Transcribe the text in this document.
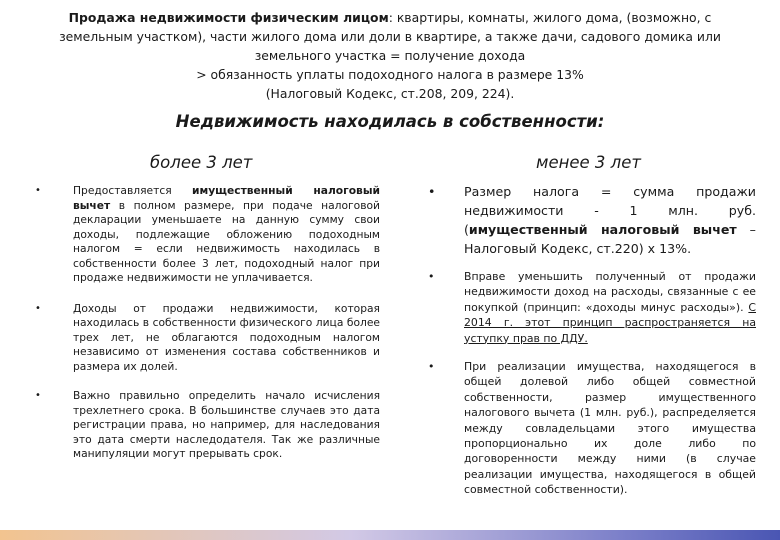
Продажа недвижимости физическим лицом: квартиры, комнаты, жилого дома, (возможно, с
земельным участком), части жилого дома или доли в квартире, а также дачи, садового домика или
земельного участка = получение дохода
> обязанность уплаты подоходного налога в размере 13%
(Налоговый Кодекс, ст.208, 209, 224).
Недвижимость находилась в собственности:
более 3 лет	менее 3 лет
•	Предоставляется имущественный налоговый вычет в полном размере, при подаче налоговой декларации уменьшаете на данную сумму свои доходы, подлежащие обложению подоходным налогом = если недвижимость находилась в собственности более 3 лет, подоходный налог при продаже недвижимости не уплачивается.
•	Доходы от продажи недвижимости, которая находилась в собственности физического лица более трех лет, не облагаются подоходным налогом независимо от изменения состава собственников и размера их долей.
•	Важно правильно определить начало исчисления трехлетнего срока. В большинстве случаев это дата регистрации права, но например, для наследования это дата смерти наследодателя. Так же различные манипуляции могут прерывать срок.
• Размер налога = сумма продажи недвижимости - 1 млн. руб. (имущественный налоговый вычет – Налоговый Кодекс, ст.220) х 13%.
•	Вправе уменьшить полученный от продажи недвижимости доход на расходы, связанные с ее покупкой (принцип: «доходы минус расходы»). С 2014 г. этот принцип распространяется на уступку прав по ДДУ.
•	При реализации имущества, находящегося в общей долевой либо общей совместной собственности, размер имущественного налогового вычета (1 млн. руб.), распределяется между совладельцами этого имущества пропорционально их доле либо по договоренности между ними (в случае реализации имущества, находящегося в общей совместной собственности).
